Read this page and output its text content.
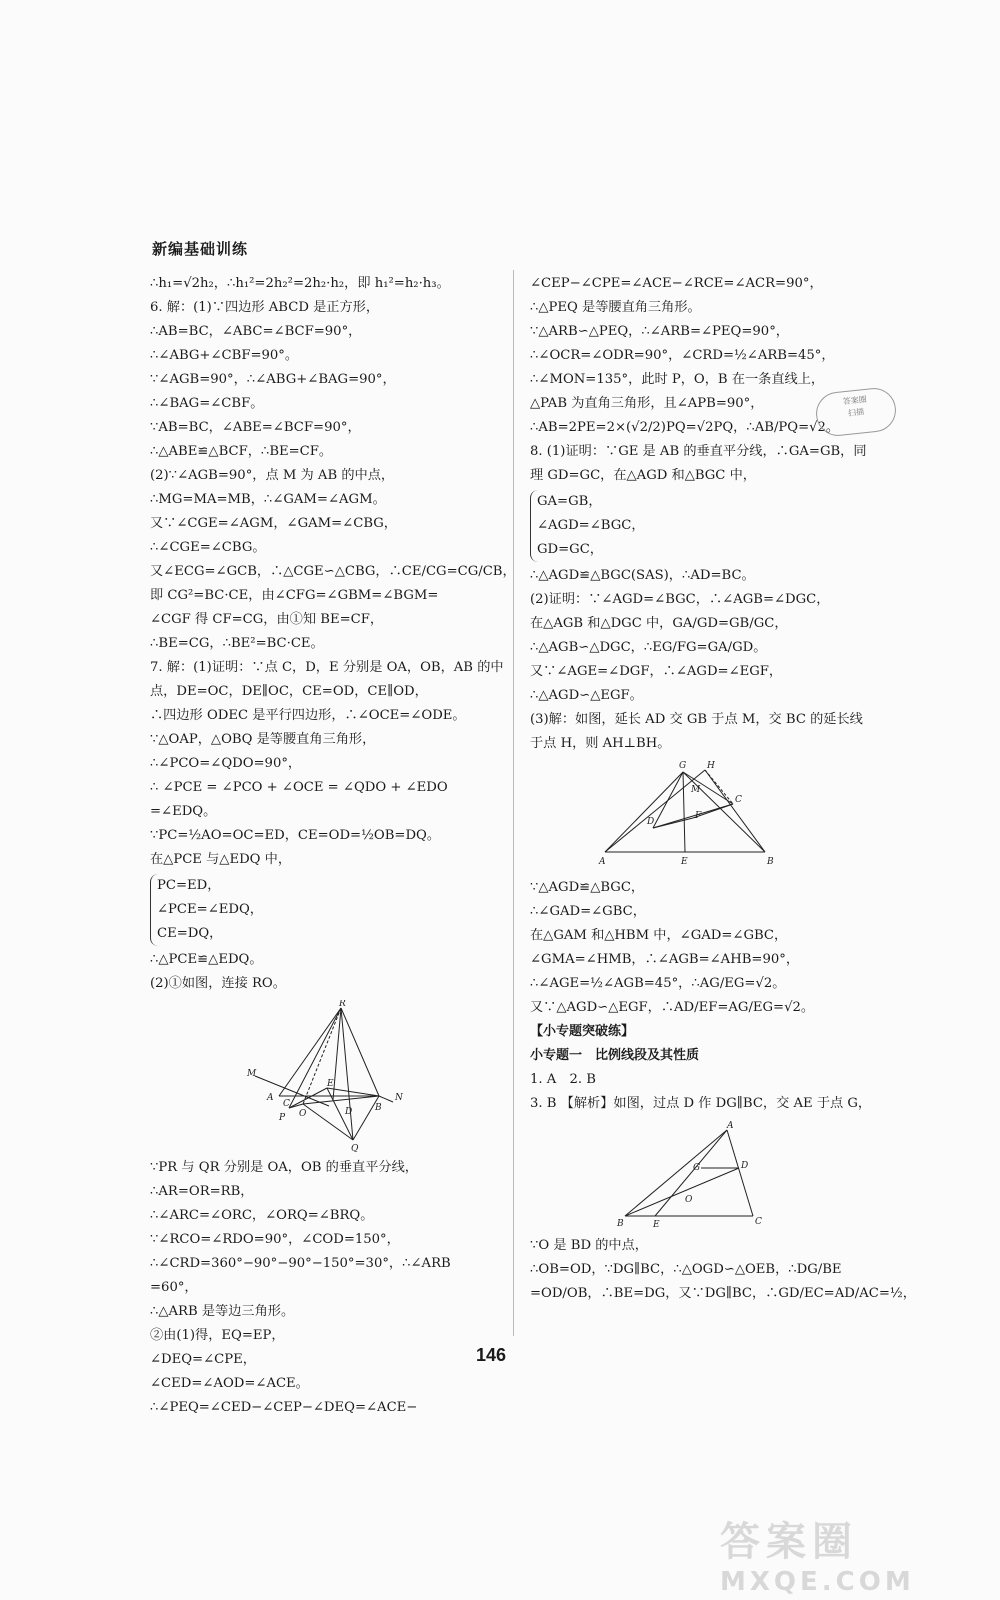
新编基础训练
∴h₁=√2h₂，∴h₁²=2h₂²=2h₂·h₂，即 h₁²=h₂·h₃。
6. 解：(1)∵四边形 ABCD 是正方形，
∴AB=BC，∠ABC=∠BCF=90°，
∴∠ABG+∠CBF=90°。
∵∠AGB=90°，∴∠ABG+∠BAG=90°，
∴∠BAG=∠CBF。
∵AB=BC，∠ABE=∠BCF=90°，
∴△ABE≌△BCF，∴BE=CF。
(2)∵∠AGB=90°，点 M 为 AB 的中点，
∴MG=MA=MB，∴∠GAM=∠AGM。
又∵∠CGE=∠AGM，∠GAM=∠CBG，
∴∠CGE=∠CBG。
又∠ECG=∠GCB，∴△CGE∽△CBG，∴CE/CG=CG/CB，
即 CG²=BC·CE，由∠CFG=∠GBM=∠BGM=
∠CGF 得 CF=CG，由①知 BE=CF，
∴BE=CG，∴BE²=BC·CE。
7. 解：(1)证明：∵点 C，D，E 分别是 OA，OB，AB 的中
点，DE=OC，DE∥OC，CE=OD，CE∥OD，
∴四边形 ODEC 是平行四边形，∴∠OCE=∠ODE。
∵△OAP，△OBQ 是等腰直角三角形，
∴∠PCO=∠QDO=90°，
∴ ∠PCE = ∠PCO + ∠OCE = ∠QDO + ∠EDO
=∠EDQ。
∵PC=½AO=OC=ED，CE=OD=½OB=DQ。
在△PCE 与△EDQ 中，
PC=ED，
∠PCE=∠EDQ，
CE=DQ，
∴△PCE≌△EDQ。
(2)①如图，连接 RO。
R
M
A
C
E
N
P O	D	B
Q
∵PR 与 QR 分别是 OA，OB 的垂直平分线，
∴AR=OR=RB，
∴∠ARC=∠ORC，∠ORQ=∠BRQ。
∵∠RCO=∠RDO=90°，∠COD=150°，
∴∠CRD=360°−90°−90°−150°=30°，∴∠ARB
=60°，
∴△ARB 是等边三角形。
②由(1)得，EQ=EP，
∠DEQ=∠CPE，
∠CED=∠AOD=∠ACE。
∴∠PEQ=∠CED−∠CEP−∠DEQ=∠ACE−
∠CEP−∠CPE=∠ACE−∠RCE=∠ACR=90°，
∴△PEQ 是等腰直角三角形。
∵△ARB∽△PEQ，∴∠ARB=∠PEQ=90°，
∴∠OCR=∠ODR=90°，∠CRD=½∠ARB=45°，
∴∠MON=135°，此时 P，O，B 在一条直线上，
△PAB 为直角三角形，且∠APB=90°，
∴AB=2PE=2×(√2/2)PQ=√2PQ，∴AB/PQ=√2。
8. (1)证明：∵GE 是 AB 的垂直平分线，∴GA=GB，同
理 GD=GC，在△AGD 和△BGC 中，
GA=GB，
∠AGD=∠BGC，
GD=GC，
∴△AGD≌△BGC(SAS)，∴AD=BC。
(2)证明：∵∠AGD=∠BGC，∴∠AGB=∠DGC，
在△AGB 和△DGC 中，GA/GD=GB/GC，
∴△AGB∽△DGC，∴EG/FG=GA/GD。
又∵∠AGE=∠DGF，∴∠AGD=∠EGF，
∴△AGD∽△EGF。
(3)解：如图，延长 AD 交 GB 于点 M，交 BC 的延长线
于点 H，则 AH⊥BH。
G H
M
C
D
F
A	E	B
∵△AGD≌△BGC，
∴∠GAD=∠GBC，
在△GAM 和△HBM 中，∠GAD=∠GBC，
∠GMA=∠HMB，∴∠AGB=∠AHB=90°，
∴∠AGE=½∠AGB=45°，∴AG/EG=√2。
又∵△AGD∽△EGF，∴AD/EF=AG/EG=√2。
【小专题突破练】
小专题一　比例线段及其性质
1. A　2. B
3. B 【解析】如图，过点 D 作 DG∥BC，交 AE 于点 G，
A
G	D
O
B	E	C
∵O 是 BD 的中点，
∴OB=OD，∵DG∥BC，∴△OGD∽△OEB，∴DG/BE
=OD/OB，∴BE=DG，又∵DG∥BC，∴GD/EC=AD/AC=½，
答案圈
扫描
146
答案圈
MXQE.COM
